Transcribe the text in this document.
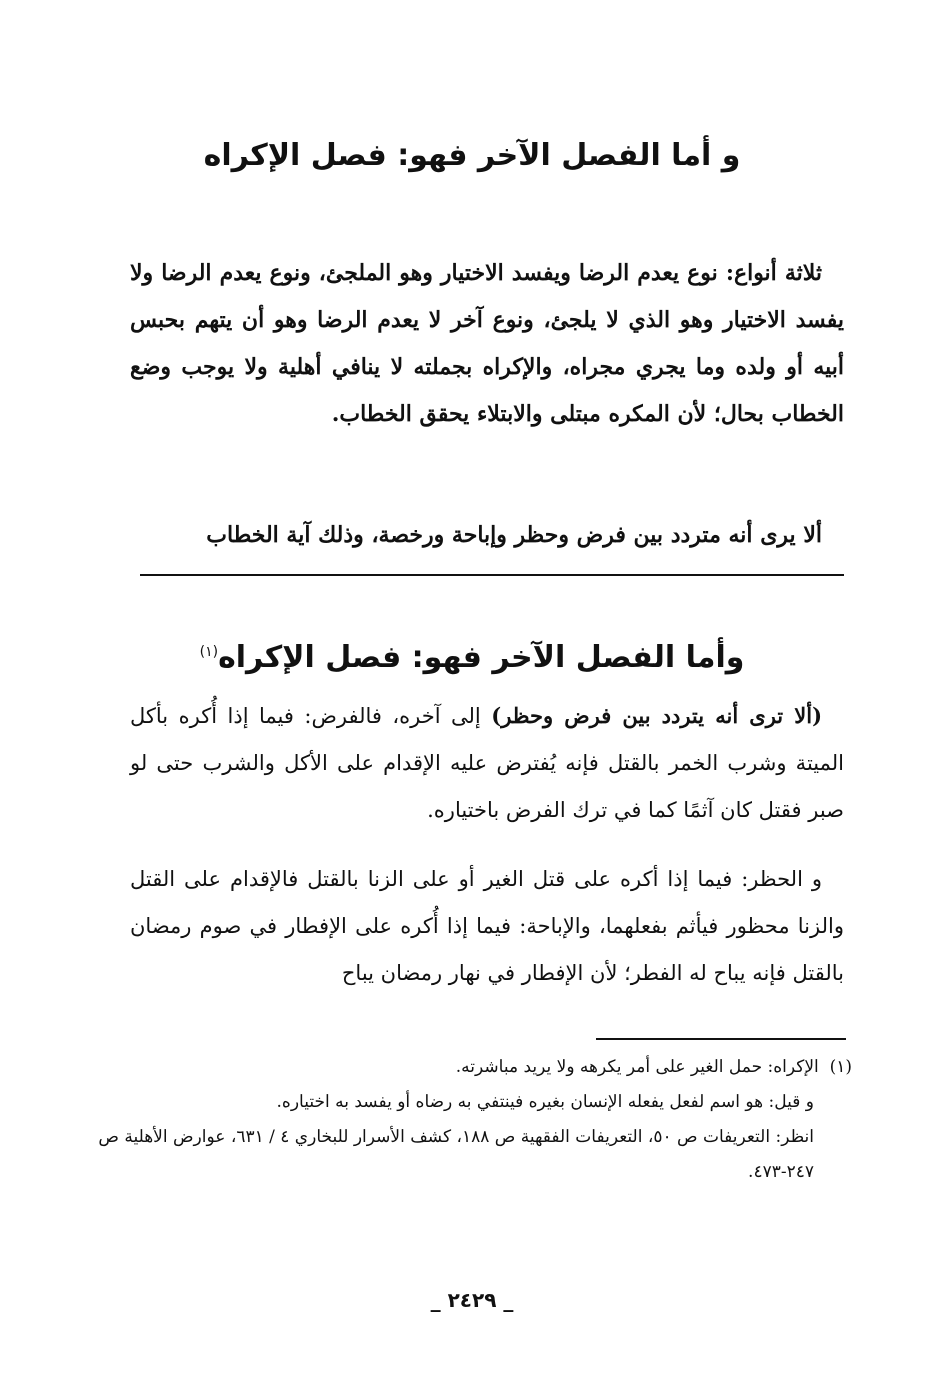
و أما الفصل الآخر فهو: فصل الإكراه

ثلاثة أنواع: نوع يعدم الرضا ويفسد الاختيار وهو الملجئ، ونوع يعدم الرضا ولا يفسد الاختيار وهو الذي لا يلجئ، ونوع آخر لا يعدم الرضا وهو أن يتهم بحبس أبيه أو ولده وما يجري مجراه، والإكراه بجملته لا ينافي أهلية ولا يوجب وضع الخطاب بحال؛ لأن المكره مبتلى والابتلاء يحقق الخطاب.

ألا يرى أنه متردد بين فرض وحظر وإباحة ورخصة، وذلك آية الخطاب

وأما الفصل الآخر فهو: فصل الإكراه$^{(١)}$

(ألا ترى أنه يتردد بين فرض وحظر) إلى آخره، فالفرض: فيما إذا أُكره بأكل الميتة وشرب الخمر بالقتل فإنه يُفترض عليه الإقدام على الأكل والشرب حتى لو صبر فقتل كان آثمًا كما في ترك الفرض باختياره.

و الحظر: فيما إذا أكره على قتل الغير أو على الزنا بالقتل فالإقدام على القتل والزنا محظور فيأثم بفعلهما، والإباحة: فيما إذا أُكره على الإفطار في صوم رمضان بالقتل فإنه يباح له الفطر؛ لأن الإفطار في نهار رمضان يباح

(١)  الإكراه: حمل الغير على أمر يكرهه ولا يريد مباشرته.

و قيل: هو اسم لفعل يفعله الإنسان بغيره فينتفي به رضاه أو يفسد به اختياره.

انظر: التعريفات ص ٥٠، التعريفات الفقهية ص ١٨٨، كشف الأسرار للبخاري ٤ / ٦٣١، عوارض الأهلية ص ٢٤٧-٤٧٣.

_ ٢٤٢٩ _
